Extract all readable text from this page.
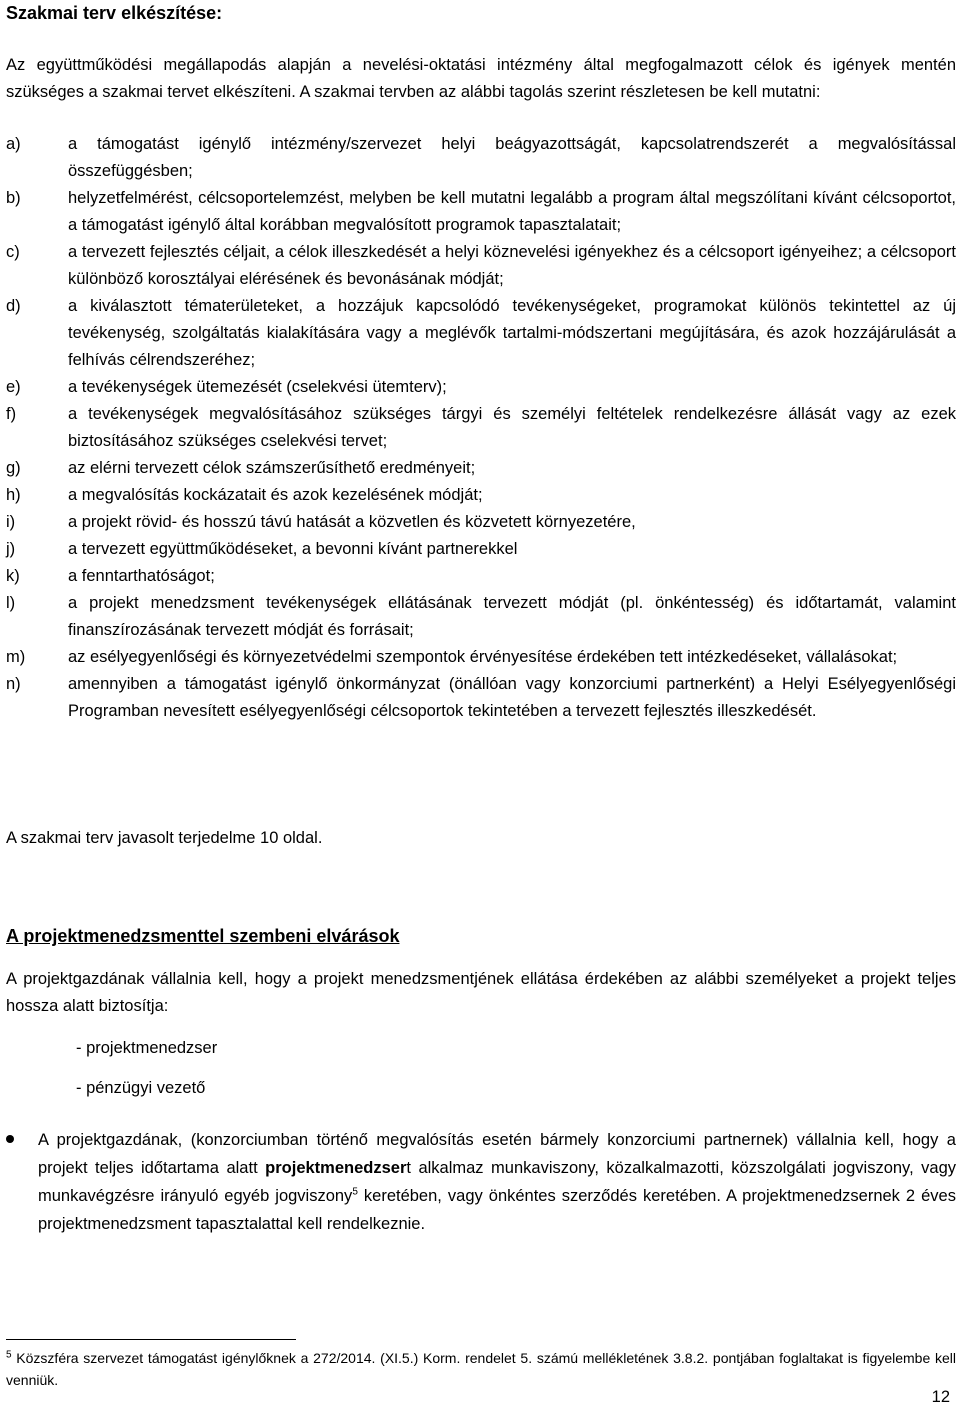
Szakmai terv elkészítése:
Az együttműködési megállapodás alapján a nevelési-oktatási intézmény által megfogalmazott célok és igények mentén szükséges a szakmai tervet elkészíteni. A szakmai tervben az alábbi tagolás szerint részletesen be kell mutatni:
a)	a támogatást igénylő intézmény/szervezet helyi beágyazottságát, kapcsolatrendszerét a megvalósítással összefüggésben;
b)	helyzetfelmérést, célcsoportelemzést, melyben be kell mutatni legalább a program által megszólítani kívánt célcsoportot, a támogatást igénylő által korábban megvalósított programok tapasztalatait;
c)	a tervezett fejlesztés céljait, a célok illeszkedését a helyi köznevelési igényekhez és a célcsoport igényeihez; a célcsoport különböző korosztályai elérésének és bevonásának módját;
d)	a kiválasztott tématerületeket, a hozzájuk kapcsolódó tevékenységeket, programokat különös tekintettel az új tevékenység, szolgáltatás kialakítására vagy a meglévők tartalmi-módszertani megújítására, és azok hozzájárulását a felhívás célrendszeréhez;
e)	a tevékenységek ütemezését (cselekvési ütemterv);
f)	a tevékenységek megvalósításához szükséges tárgyi és személyi feltételek rendelkezésre állását vagy az ezek biztosításához szükséges cselekvési tervet;
g)	az elérni tervezett célok számszerűsíthető eredményeit;
h)	a megvalósítás kockázatait és azok kezelésének módját;
i)	a projekt rövid- és hosszú távú hatását a közvetlen és közvetett környezetére,
j)	a tervezett együttműködéseket, a bevonni kívánt partnerekkel
k)	a fenntarthatóságot;
l)	a projekt menedzsment tevékenységek ellátásának tervezett módját (pl. önkéntesség) és időtartamát, valamint finanszírozásának tervezett módját és forrásait;
m)	az esélyegyenlőségi és környezetvédelmi szempontok érvényesítése érdekében tett intézkedéseket, vállalásokat;
n)	amennyiben a támogatást igénylő önkormányzat (önállóan vagy konzorciumi partnerként) a Helyi Esélyegyenlőségi Programban nevesített esélyegyenlőségi célcsoportok tekintetében a tervezett fejlesztés illeszkedését.
A szakmai terv javasolt terjedelme 10 oldal.
A projektmenedzsmenttel szembeni elvárások
A projektgazdának vállalnia kell, hogy a projekt menedzsmentjének ellátása érdekében az alábbi személyeket a projekt teljes hossza alatt biztosítja:
- projektmenedzser
- pénzügyi vezető
A projektgazdának, (konzorciumban történő megvalósítás esetén bármely konzorciumi partnernek) vállalnia kell, hogy a projekt teljes időtartama alatt projektmenedzsert alkalmaz munkaviszony, közalkalmazotti, közszolgálati jogviszony, vagy munkavégzésre irányuló egyéb jogviszony$^5$ keretében, vagy önkéntes szerződés keretében. A projektmenedzsernek 2 éves projektmenedzsment tapasztalattal kell rendelkeznie.
$^5$ Közszféra szervezet támogatást igénylőknek a 272/2014. (XI.5.) Korm. rendelet 5. számú mellékletének 3.8.2. pontjában foglaltakat is figyelembe kell venniük.
12
